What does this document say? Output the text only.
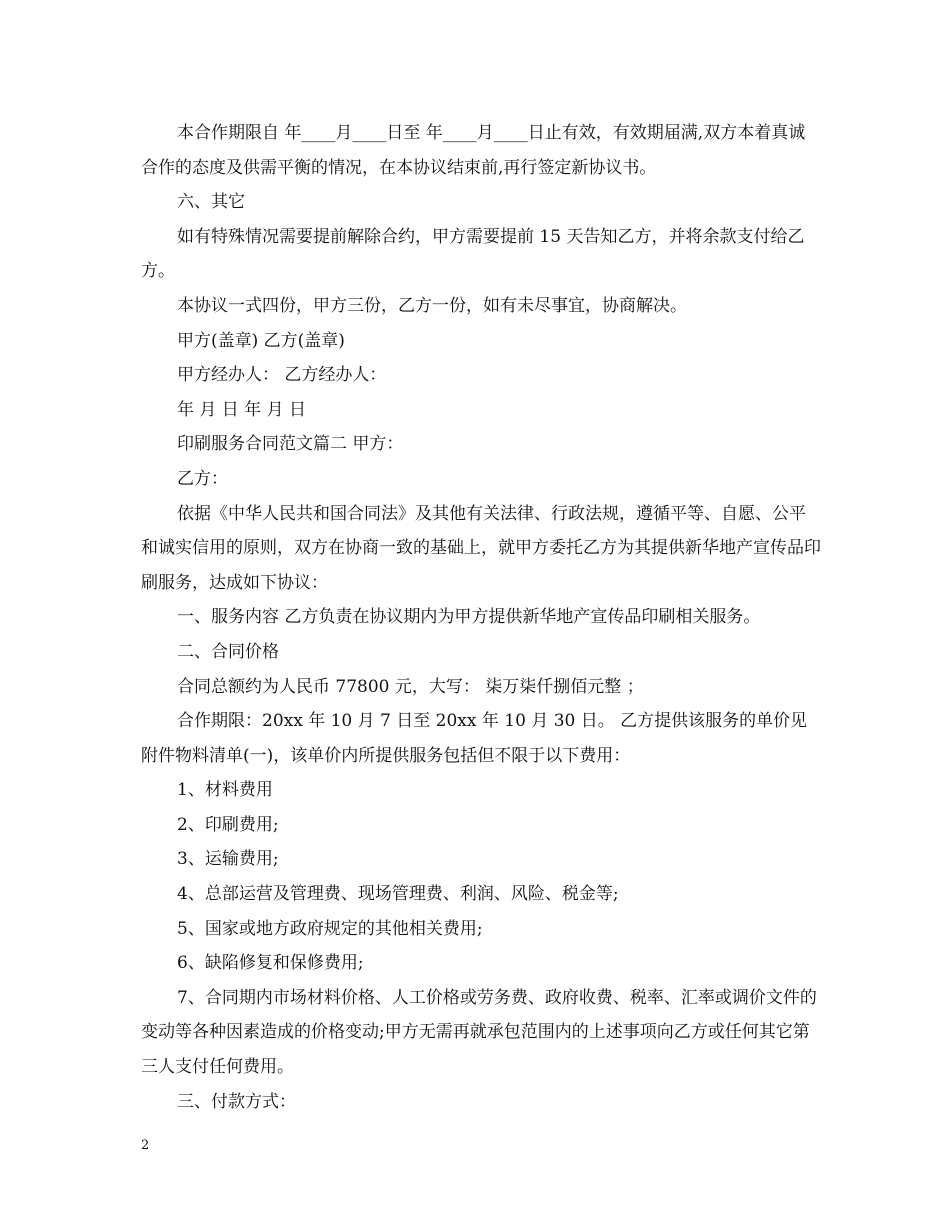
本合作期限自 年____月____日至 年____月____日止有效，有效期届满,双方本着真诚合作的态度及供需平衡的情况，在本协议结束前,再行签定新协议书。

六、其它

如有特殊情况需要提前解除合约，甲方需要提前 15 天告知乙方，并将余款支付给乙方。

本协议一式四份，甲方三份，乙方一份，如有未尽事宜，协商解决。

甲方(盖章) 乙方(盖章)

甲方经办人： 乙方经办人：

年 月 日 年 月 日

印刷服务合同范文篇二 甲方：

乙方：

依据《中华人民共和国合同法》及其他有关法律、行政法规，遵循平等、自愿、公平和诚实信用的原则，双方在协商一致的基础上，就甲方委托乙方为其提供新华地产宣传品印刷服务，达成如下协议：

一、服务内容 乙方负责在协议期内为甲方提供新华地产宣传品印刷相关服务。

二、合同价格

合同总额约为人民币 77800 元，大写： 柒万柒仟捌佰元整 ；

合作期限：20xx 年 10 月 7 日至 20xx 年 10 月 30 日。 乙方提供该服务的单价见附件物料清单(一)，该单价内所提供服务包括但不限于以下费用：

1、材料费用

2、印刷费用;

3、运输费用;

4、总部运营及管理费、现场管理费、利润、风险、税金等;

5、国家或地方政府规定的其他相关费用;

6、缺陷修复和保修费用;

7、合同期内市场材料价格、人工价格或劳务费、政府收费、税率、汇率或调价文件的变动等各种因素造成的价格变动;甲方无需再就承包范围内的上述事项向乙方或任何其它第三人支付任何费用。

三、付款方式：

2
